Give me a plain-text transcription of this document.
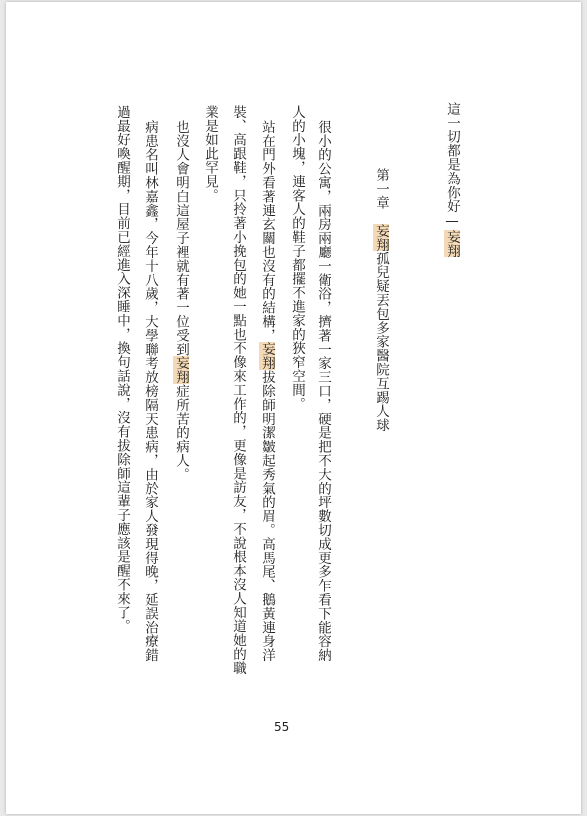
這一切都是為你好—妄翔
第一章　妄翔孤兒疑丟包多家醫院互踢人球
很小的公寓，兩房兩廳一衛浴，擠著一家三口，硬是把不大的坪數切成更多乍看下能容納
人的小塊，連客人的鞋子都擺不進家的狹窄空間。
站在門外看著連玄關也沒有的結構，妄翔拔除師明潔皺起秀氣的眉。高馬尾、鵝黃連身洋
裝、高跟鞋，只拎著小挽包的她一點也不像來工作的，更像是訪友，不說根本沒人知道她的職
業是如此罕見。
也沒人會明白這屋子裡就有著一位受到妄翔症所苦的病人。
病患名叫林嘉鑫，今年十八歲，大學聯考放榜隔天患病，由於家人發現得晚，延誤治療錯
過最好喚醒期，目前已經進入深睡中，換句話說，沒有拔除師這輩子應該是醒不來了。
55
